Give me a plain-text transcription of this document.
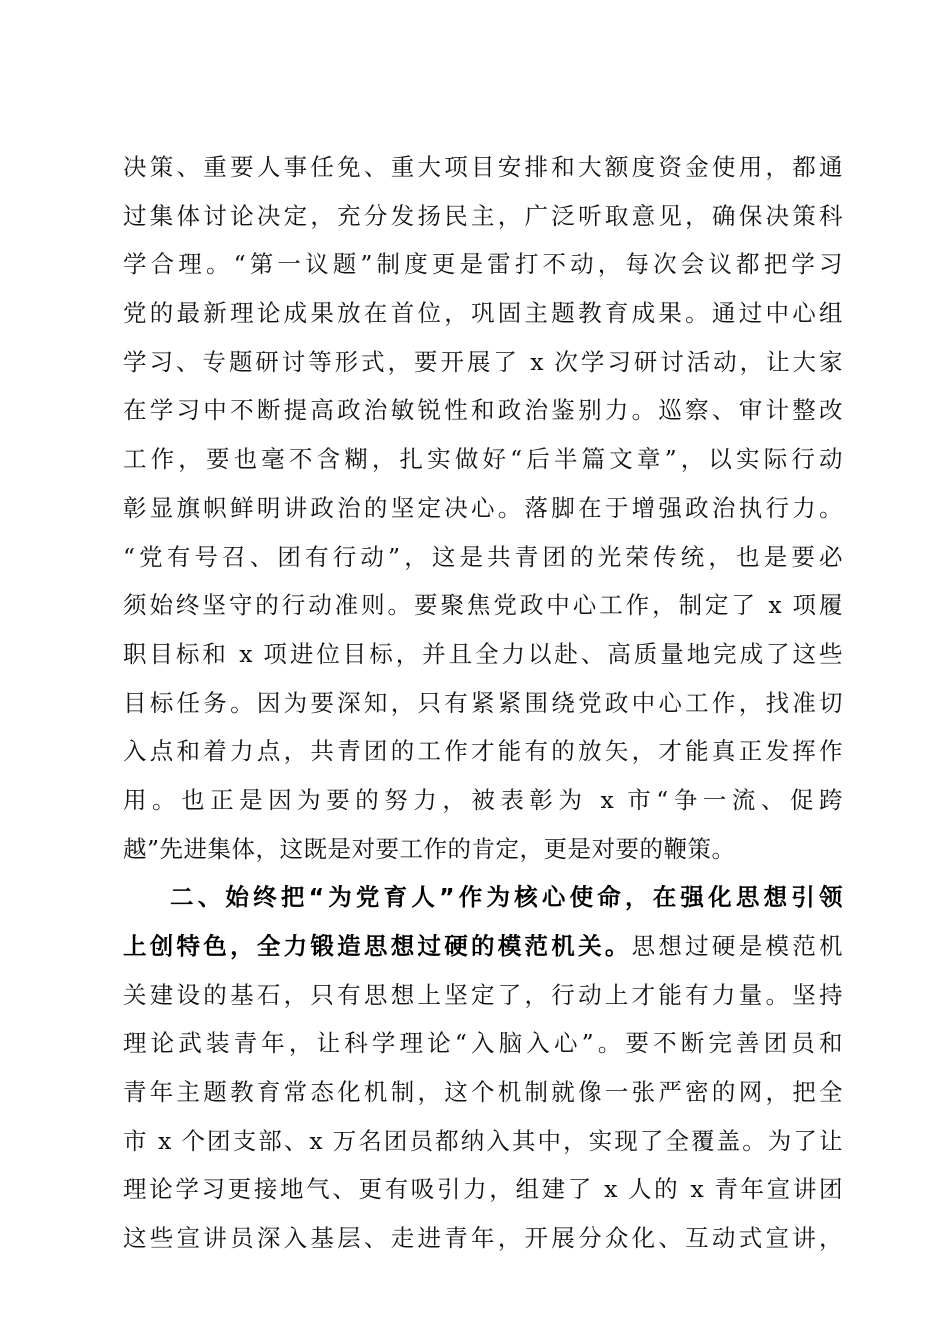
决策、重要人事任免、重大项目安排和大额度资金使用，都通
过集体讨论决定，充分发扬民主，广泛听取意见，确保决策科
学合理。“第一议题”制度更是雷打不动，每次会议都把学习
党的最新理论成果放在首位，巩固主题教育成果。通过中心组
学习、专题研讨等形式，要开展了 x 次学习研讨活动，让大家
在学习中不断提高政治敏锐性和政治鉴别力。巡察、审计整改
工作，要也毫不含糊，扎实做好“后半篇文章”，以实际行动
彰显旗帜鲜明讲政治的坚定决心。落脚在于增强政治执行力。
“党有号召、团有行动”，这是共青团的光荣传统，也是要必
须始终坚守的行动准则。要聚焦党政中心工作，制定了 x 项履
职目标和 x 项进位目标，并且全力以赴、高质量地完成了这些
目标任务。因为要深知，只有紧紧围绕党政中心工作，找准切
入点和着力点，共青团的工作才能有的放矢，才能真正发挥作
用。也正是因为要的努力，被表彰为 x 市“争一流、促跨
越”先进集体，这既是对要工作的肯定，更是对要的鞭策。
二、始终把“为党育人”作为核心使命，在强化思想引领
上创特色，全力锻造思想过硬的模范机关。思想过硬是模范机
关建设的基石，只有思想上坚定了，行动上才能有力量。坚持
理论武装青年，让科学理论“入脑入心”。要不断完善团员和
青年主题教育常态化机制，这个机制就像一张严密的网，把全
市 x 个团支部、x 万名团员都纳入其中，实现了全覆盖。为了让
理论学习更接地气、更有吸引力，组建了 x 人的 x 青年宣讲团
这些宣讲员深入基层、走进青年，开展分众化、互动式宣讲，
